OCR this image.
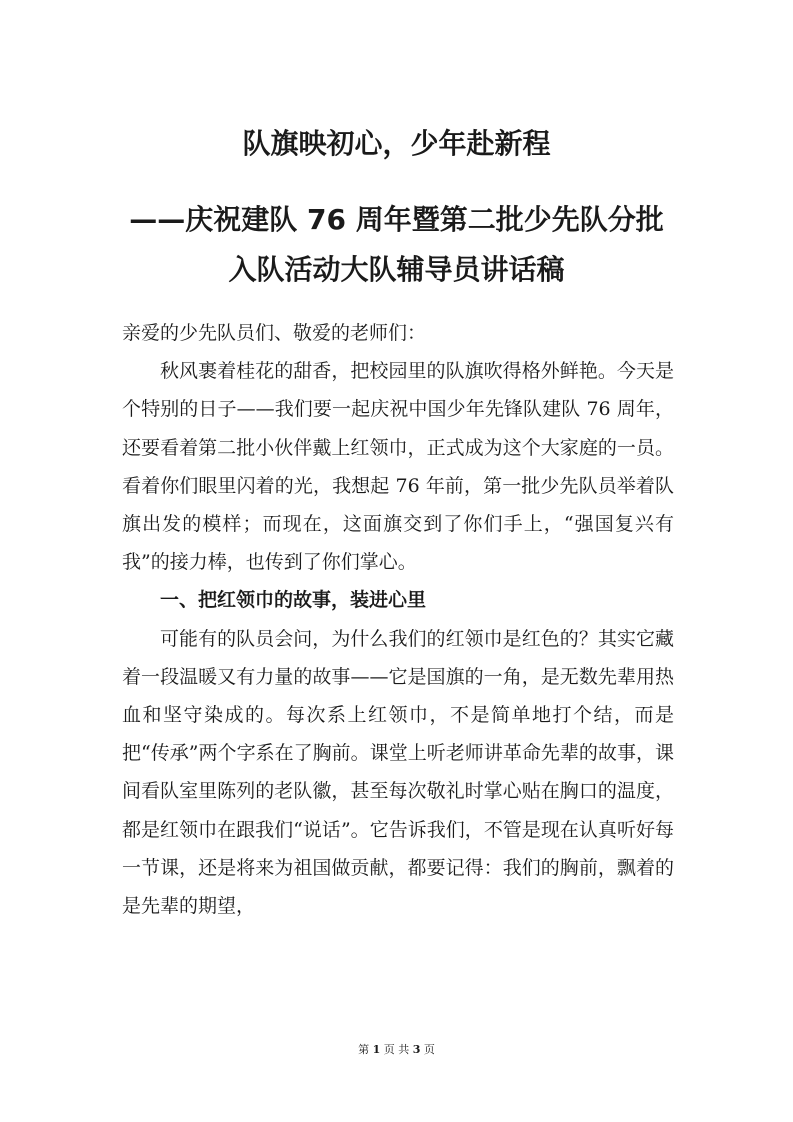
队旗映初心，少年赴新程
——庆祝建队 76 周年暨第二批少先队分批
入队活动大队辅导员讲话稿

亲爱的少先队员们、敬爱的老师们：

秋风裹着桂花的甜香，把校园里的队旗吹得格外鲜艳。今天是个特别的日子——我们要一起庆祝中国少年先锋队建队 76 周年，还要看着第二批小伙伴戴上红领巾，正式成为这个大家庭的一员。看着你们眼里闪着的光，我想起 76 年前，第一批少先队员举着队旗出发的模样；而现在，这面旗交到了你们手上，“强国复兴有我”的接力棒，也传到了你们掌心。

一、把红领巾的故事，装进心里

可能有的队员会问，为什么我们的红领巾是红色的？其实它藏着一段温暖又有力量的故事——它是国旗的一角，是无数先辈用热血和坚守染成的。每次系上红领巾，不是简单地打个结，而是把“传承”两个字系在了胸前。课堂上听老师讲革命先辈的故事，课间看队室里陈列的老队徽，甚至每次敬礼时掌心贴在胸口的温度，都是红领巾在跟我们“说话”。它告诉我们，不管是现在认真听好每一节课，还是将来为祖国做贡献，都要记得：我们的胸前，飘着的是先辈的期望，

第 1 页 共 3 页
